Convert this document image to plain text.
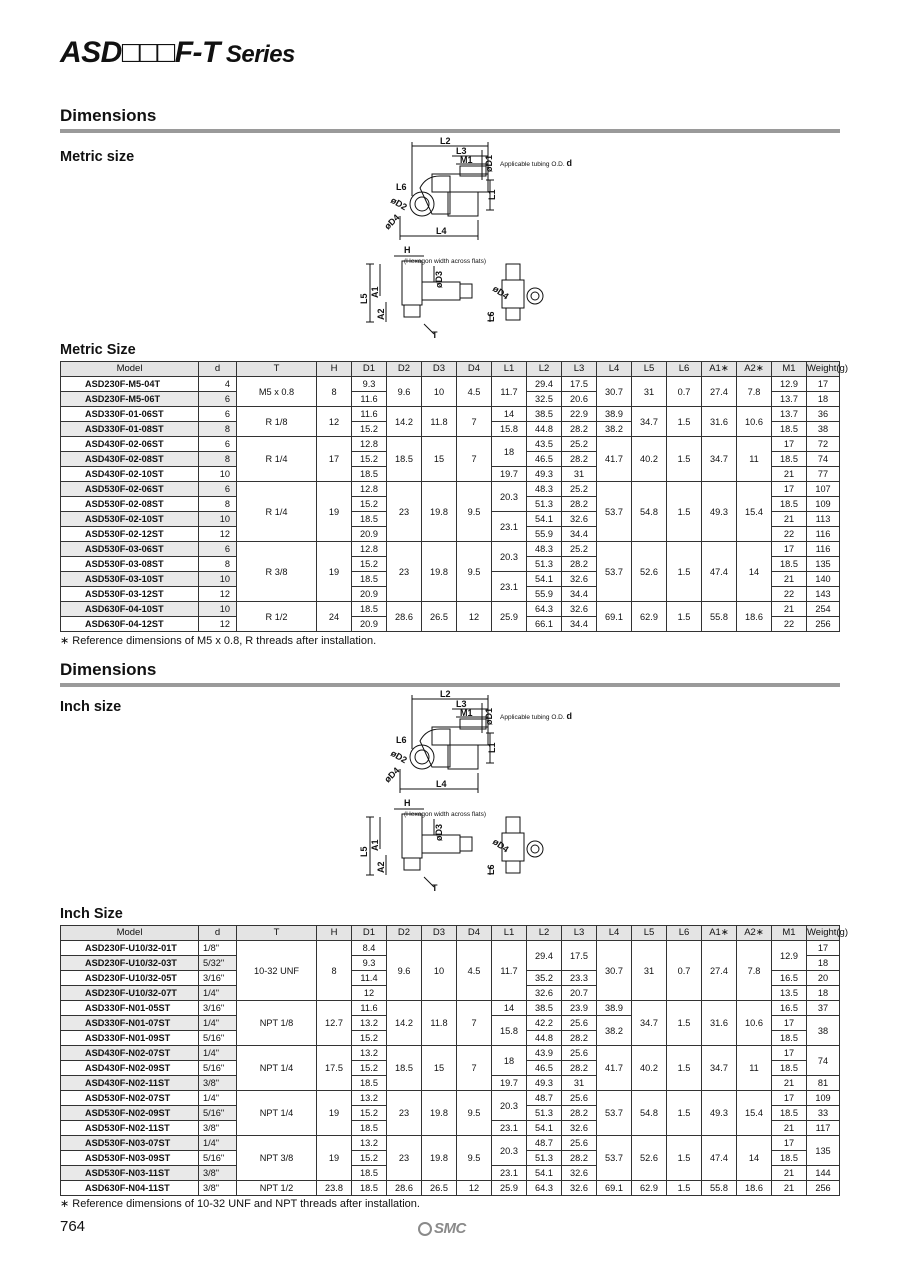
ASD□□□F-T Series
Dimensions
Metric size
L2
L3
M1 øD1
L1
L6
øD2
øD4	L4
H
L5
A1
A2
øD3
T
øD4
L6
(Hexagon width across flats)
Applicable tubing O.D. d
Metric Size
Model	d	T	H	D1	D2	D3	D4	L1	L2	L3	L4	L5	L6	A1∗	A2∗	M1	Weight(g)
ASD230F-M5-04T	4	M5 x 0.8	8	9.3	9.6	10	4.5	11.7	29.4	17.5	30.7	31	0.7	27.4	7.8	12.9	17
ASD230F-M5-06T	6			11.6					32.5	20.6						13.7	18
ASD330F-01-06ST	6	R 1/8	12	11.6	14.2	11.8	7	14	38.5	22.9	38.9	34.7	1.5	31.6	10.6	13.7	36
ASD330F-01-08ST	8			15.2				15.8	44.8	28.2	38.2					18.5	38
ASD430F-02-06ST	6	R 1/4	17	12.8	18.5	15	7	18	43.5	25.2	41.7	40.2	1.5	34.7	11	17	72
ASD430F-02-08ST	8			15.2					46.5	28.2						18.5	74
ASD430F-02-10ST	10			18.5				19.7	49.3	31						21	77
ASD530F-02-06ST	6	R 1/4	19	12.8	23	19.8	9.5	20.3	48.3	25.2	53.7	54.8	1.5	49.3	15.4	17	107
ASD530F-02-08ST	8			15.2					51.3	28.2						18.5	109
ASD530F-02-10ST	10			18.5				23.1	54.1	32.6						21	113
ASD530F-02-12ST	12			20.9					55.9	34.4						22	116
ASD530F-03-06ST	6	R 3/8	19	12.8	23	19.8	9.5	20.3	48.3	25.2	53.7	52.6	1.5	47.4	14	17	116
ASD530F-03-08ST	8			15.2					51.3	28.2						18.5	135
ASD530F-03-10ST	10			18.5				23.1	54.1	32.6						21	140
ASD530F-03-12ST	12			20.9					55.9	34.4						22	143
ASD630F-04-10ST	10	R 1/2	24	18.5	28.6	26.5	12	25.9	64.3	32.6	69.1	62.9	1.5	55.8	18.6	21	254
ASD630F-04-12ST	12			20.9					66.1	34.4						22	256
∗ Reference dimensions of M5 x 0.8, R threads after installation.
Dimensions
Inch size
L2
L3
M1 øD1
L1
L6
øD2
øD4	L4
H
L5
A1
A2
øD3
T
øD4
L6
(Hexagon width across flats)
Applicable tubing O.D. d
Inch Size
Model	d	T	H	D1	D2	D3	D4	L1	L2	L3	L4	L5	L6	A1∗	A2∗	M1	Weight(g)
ASD230F-U10/32-01T	1/8"	10-32 UNF	8	8.4	9.6	10	4.5	11.7	29.4	17.5	30.7	31	0.7	27.4	7.8	12.9	17
ASD230F-U10/32-03T	5/32"			9.3													18
ASD230F-U10/32-05T	3/16"			11.4					35.2	23.3						16.5	20
ASD230F-U10/32-07T	1/4"			12					32.6	20.7						13.5	18
ASD330F-N01-05ST	3/16"	NPT 1/8	12.7	11.6	14.2	11.8	7	14	38.5	23.9	38.9	34.7	1.5	31.6	10.6	16.5	37
ASD330F-N01-07ST	1/4"			13.2				15.8	42.2	25.6	38.2					17	38
ASD330F-N01-09ST	5/16"			15.2					44.8	28.2						18.5	
ASD430F-N02-07ST	1/4"	NPT 1/4	17.5	13.2	18.5	15	7	18	43.9	25.6	41.7	40.2	1.5	34.7	11	17	74
ASD430F-N02-09ST	5/16"			15.2					46.5	28.2						18.5	
ASD430F-N02-11ST	3/8"			18.5				19.7	49.3	31						21	81
ASD530F-N02-07ST	1/4"	NPT 1/4	19	13.2	23	19.8	9.5	20.3	48.7	25.6	53.7	54.8	1.5	49.3	15.4	17	109
ASD530F-N02-09ST	5/16"			15.2					51.3	28.2						18.5	33
ASD530F-N02-11ST	3/8"			18.5				23.1	54.1	32.6						21	117
ASD530F-N03-07ST	1/4"	NPT 3/8	19	13.2	23	19.8	9.5	20.3	48.7	25.6	53.7	52.6	1.5	47.4	14	17	135
ASD530F-N03-09ST	5/16"			15.2					51.3	28.2						18.5	
ASD530F-N03-11ST	3/8"			18.5				23.1	54.1	32.6						21	144
ASD630F-N04-11ST	3/8"	NPT 1/2	23.8	18.5	28.6	26.5	12	25.9	64.3	32.6	69.1	62.9	1.5	55.8	18.6	21	256
∗ Reference dimensions of 10-32 UNF and NPT threads after installation.
764	SMC
